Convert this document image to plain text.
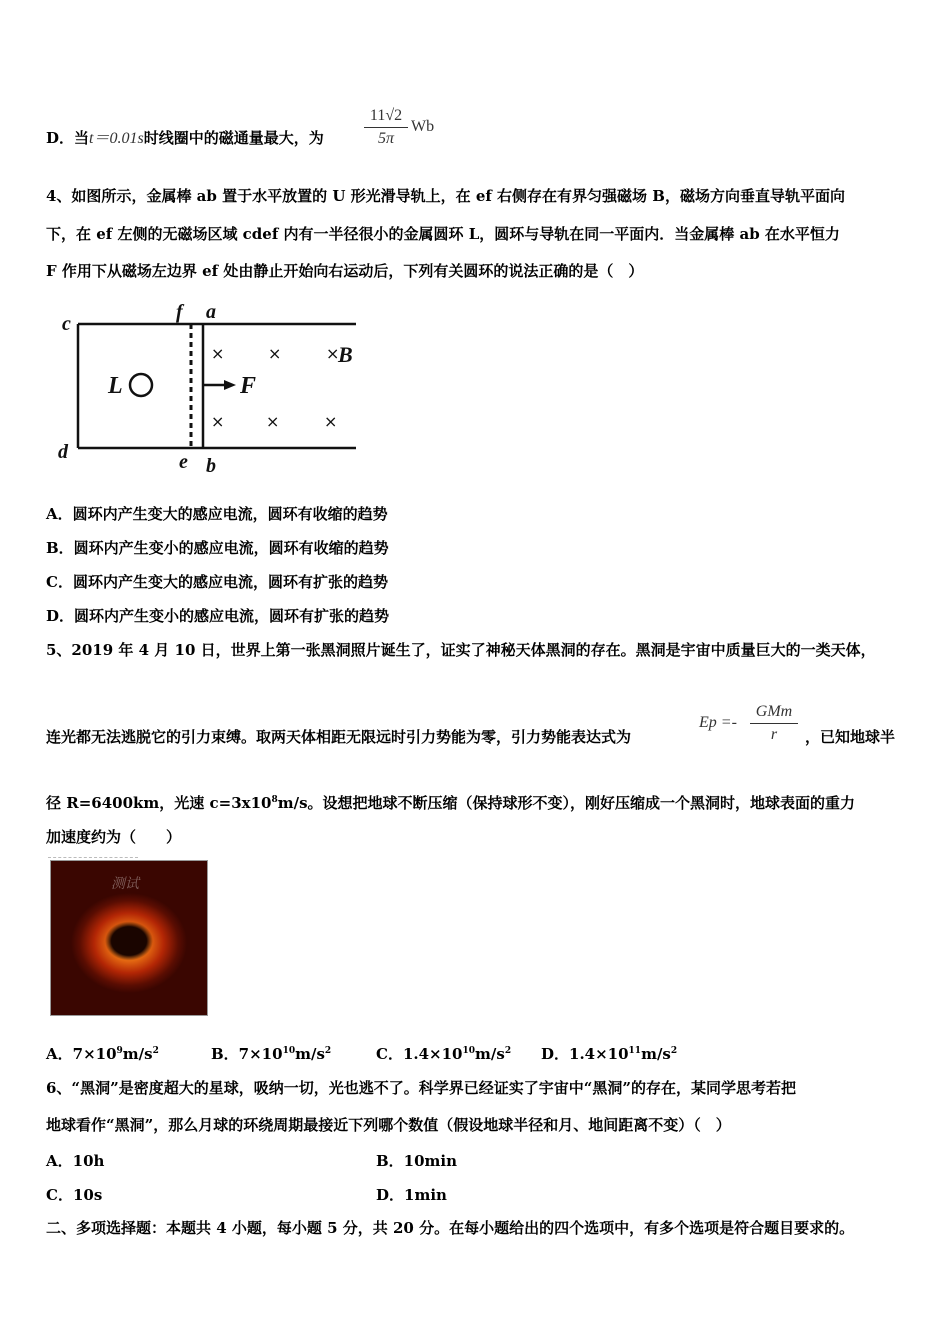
D．当t＝0.01s时线圈中的磁通量最大，为
11√2
5π
Wb
4、如图所示，金属棒 ab 置于水平放置的 U 形光滑导轨上，在 ef 右侧存在有界匀强磁场 B，磁场方向垂直导轨平面向
下，在 ef 左侧的无磁场区域 cdef 内有一半径很小的金属圆环 L，圆环与导轨在同一平面内．当金属棒 ab 在水平恒力
F 作用下从磁场左边界 ef 处由静止开始向右运动后，下列有关圆环的说法正确的是（　）
c
f a
d	e b
L	F
B
×	×	×
×	×	×
A．圆环内产生变大的感应电流，圆环有收缩的趋势
B．圆环内产生变小的感应电流，圆环有收缩的趋势
C．圆环内产生变大的感应电流，圆环有扩张的趋势
D．圆环内产生变小的感应电流，圆环有扩张的趋势
5、2019 年 4 月 10 日，世界上第一张黑洞照片诞生了，证实了神秘天体黑洞的存在。黑洞是宇宙中质量巨大的一类天体，
连光都无法逃脱它的引力束缚。取两天体相距无限远时引力势能为零，引力势能表达式为
Ep =-
GMm
r	，已知地球半
径 R=6400km，光速 $c=3x10^8m/s$。设想把地球不断压缩（保持球形不变），刚好压缩成一个黑洞时，地球表面的重力
加速度约为（　　）
测试
A．$7\times 10^9m/s^2$	B．$7\times 10^{10}m/s^2$	C．$1.4\times 10^{10}m/s^2$ D．$1.4\times 10^{11}m/s^2$
6、“黑洞”是密度超大的星球，吸纳一切，光也逃不了。科学界已经证实了宇宙中“黑洞”的存在，某同学思考若把
地球看作“黑洞”，那么月球的环绕周期最接近下列哪个数值（假设地球半径和月、地间距离不变）（　）
A．10h	B．10min
C．10s	D．1min
二、多项选择题：本题共 4 小题，每小题 5 分，共 20 分。在每小题给出的四个选项中，有多个选项是符合题目要求的。
